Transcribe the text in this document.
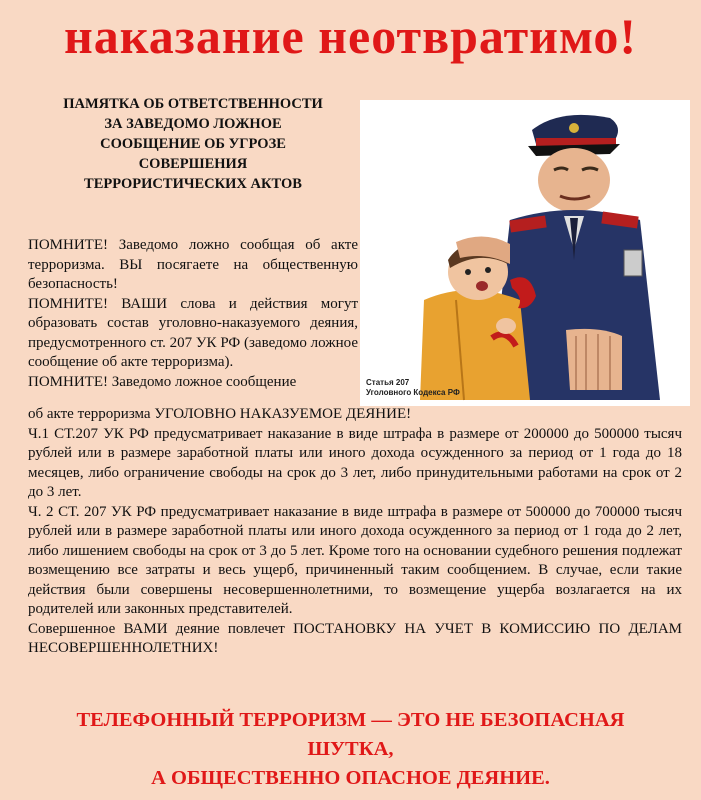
наказание неотвратимо!
ПАМЯТКА ОБ ОТВЕТСТВЕННОСТИ
ЗА ЗАВЕДОМО ЛОЖНОЕ
СООБЩЕНИЕ ОБ УГРОЗЕ
СОВЕРШЕНИЯ
ТЕРРОРИСТИЧЕСКИХ АКТОВ

ПОМНИТЕ! Заведомо ложно сообщая об акте терроризма. ВЫ посягаете на общественную безопасность!

ПОМНИТЕ! ВАШИ слова и действия могут образовать состав уголовно-наказуемого деяния, предусмотренного ст. 207 УК РФ (заведомо ложное сообщение об акте терроризма).

ПОМНИТЕ! Заведомо ложное сообщение	Статья 207
Уголовного Кодекса РФ

об акте терроризма УГОЛОВНО НАКАЗУЕМОЕ ДЕЯНИЕ!

Ч.1 СТ.207 УК РФ предусматривает наказание в виде штрафа в размере от 200000 до 500000 тысяч рублей или в размере заработной платы или иного дохода осужденного за период от 1 года до 18 месяцев, либо ограничение свободы на срок до 3 лет, либо принудительными работами на срок от 2 до 3 лет.

Ч. 2 СТ. 207 УК РФ предусматривает наказание в виде штрафа в размере от 500000 до 700000 тысяч рублей или в размере заработной платы или иного дохода осужденного за период от 1 года до 2 лет, либо лишением свободы на срок от 3 до 5 лет. Кроме того на основании судебного решения подлежат возмещению все затраты и весь ущерб, причиненный таким сообщением. В случае, если такие действия были совершены несовершеннолетними, то возмещение ущерба возлагается на их родителей или законных представителей.

Совершенное ВАМИ деяние повлечет ПОСТАНОВКУ НА УЧЕТ В КОМИССИЮ ПО ДЕЛАМ НЕСОВЕРШЕННОЛЕТНИХ!

ТЕЛЕФОННЫЙ ТЕРРОРИЗМ — ЭТО НЕ БЕЗОПАСНАЯ
ШУТКА,
А ОБЩЕСТВЕННО ОПАСНОЕ ДЕЯНИЕ.
